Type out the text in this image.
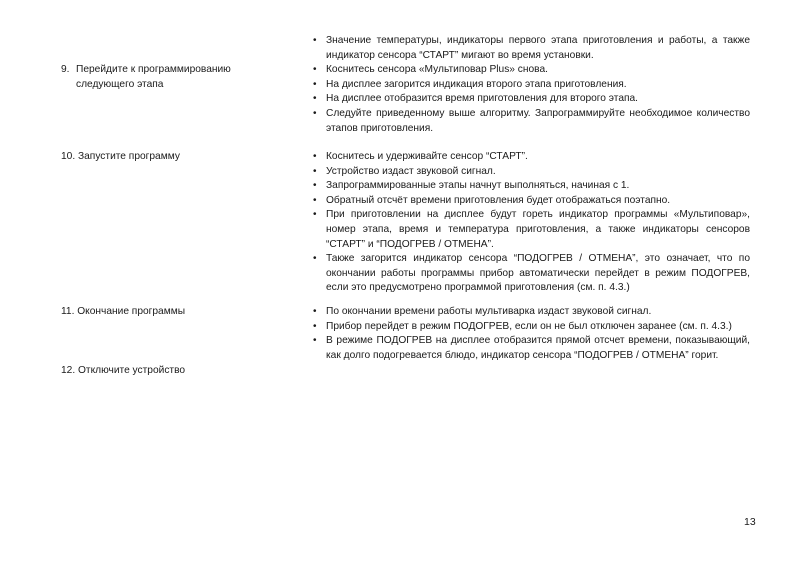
9. Перейдите к программированию
следующего этапа
• Значение температуры, индикаторы первого этапа приготовления и работы, а также индикатор сенсора “СТАРТ” мигают во время установки.
• Коснитесь сенсора «Мультиповар Plus» снова.
• На дисплее загорится индикация второго этапа приготовления.
• На дисплее отобразится время приготовления для второго этапа.
• Следуйте приведенному выше алгоритму. Запрограммируйте необходимое количество этапов приготовления.
10. Запустите программу	• Коснитесь и удерживайте сенсор “СТАРТ”.
• Устройство издаст звуковой сигнал.
• Запрограммированные этапы начнут выполняться, начиная с 1.
• Обратный отсчёт времени приготовления будет отображаться поэтапно.
• При приготовлении на дисплее будут гореть индикатор программы «Мультиповар», номер этапа, время и температура приготовления, а также индикаторы сенсоров “СТАРТ” и “ПОДОГРЕВ / ОТМЕНА”.
• Также загорится индикатор сенсора “ПОДОГРЕВ / ОТМЕНА”, это означает, что по окончании работы программы прибор автоматически перейдет в режим ПОДОГРЕВ, если это предусмотрено программой приготовления (см. п. 4.3.)
11. Окончание программы	• По окончании времени работы мультиварка издаст звуковой сигнал.
• Прибор перейдет в режим ПОДОГРЕВ, если он не был отключен заранее (см. п. 4.3.)
• В режиме ПОДОГРЕВ на дисплее отобразится прямой отсчет времени, показывающий, как долго подогревается блюдо, индикатор сенсора “ПОДОГРЕВ / ОТМЕНА” горит.
12. Отключите устройство
13
